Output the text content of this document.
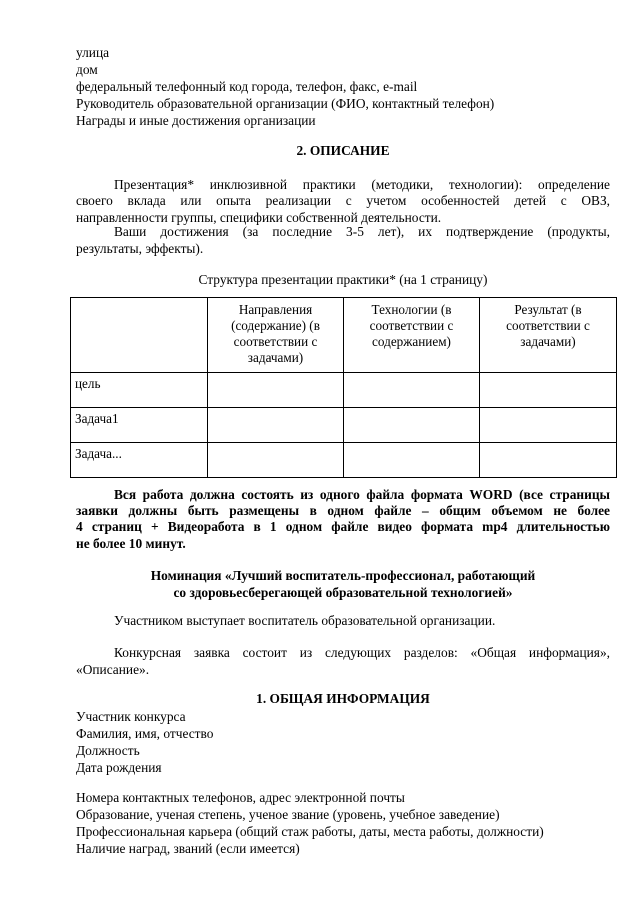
улица
дом
федеральный телефонный код города, телефон, факс, e-mail
Руководитель образовательной организации (ФИО, контактный телефон)
Награды и иные достижения организации
2. ОПИСАНИЕ
Презентация* инклюзивной практики (методики, технологии): определение
своего вклада или опыта реализации с учетом особенностей детей с ОВЗ,
направленности группы, специфики собственной деятельности.
Ваши достижения (за последние 3-5 лет), их подтверждение (продукты,
результаты, эффекты).
Структура презентации практики* (на 1 страницу)
	Направления (содержание) (в соответствии с задачами)	Технологии (в соответствии с содержанием)	Результат (в соответствии с задачами)
цель			
Задача1			
Задача...			
Вся работа должна состоять из одного файла формата WORD (все страницы
заявки должны быть размещены в одном файле – общим объемом не более
4 страниц + Видеоработа в 1 одном файле видео формата mp4 длительностью
не более 10 минут.
Номинация «Лучший воспитатель-профессионал, работающий
со здоровьесберегающей образовательной технологией»
Участником выступает воспитатель образовательной организации.
Конкурсная заявка состоит из следующих разделов: «Общая информация»,
«Описание».
1. ОБЩАЯ ИНФОРМАЦИЯ
Участник конкурса
Фамилия, имя, отчество
Должность
Дата рождения
Номера контактных телефонов, адрес электронной почты
Образование, ученая степень, ученое звание (уровень, учебное заведение)
Профессиональная карьера (общий стаж работы, даты, места работы, должности)
Наличие наград, званий (если имеется)
